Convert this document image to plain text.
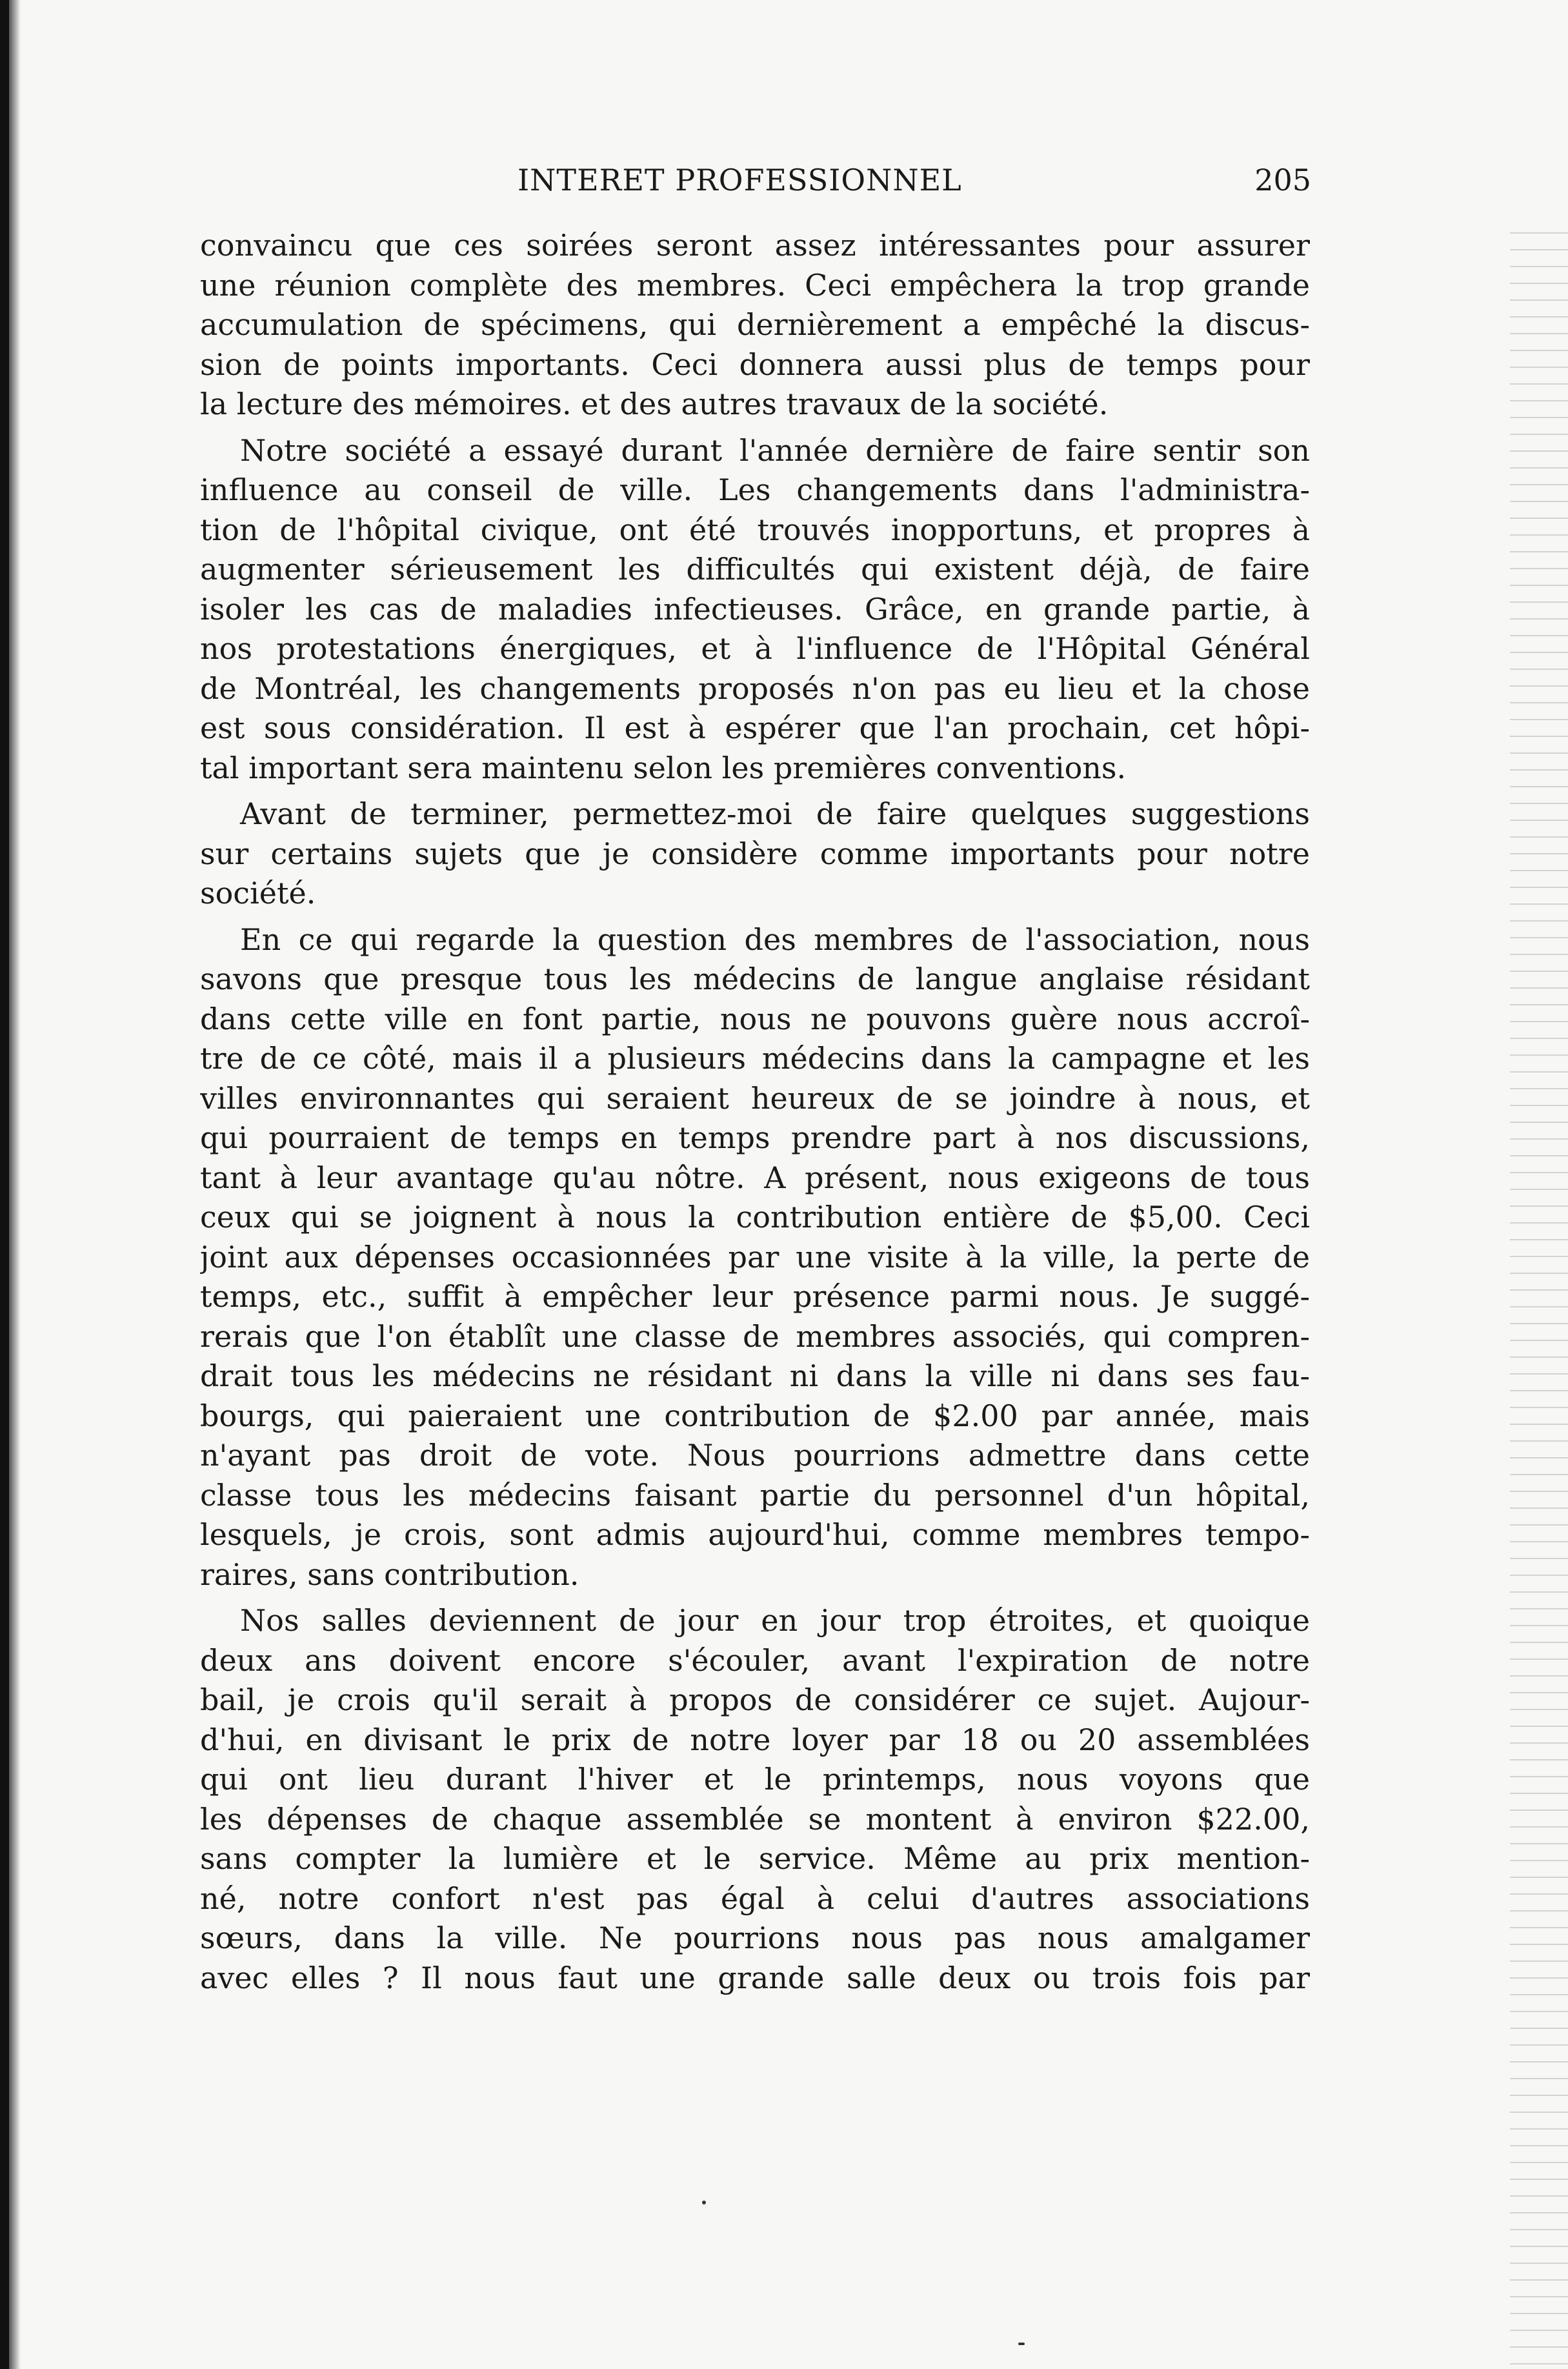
INTERET PROFESSIONNEL	205
convaincu que ces soirées seront assez intéressantes pour assurer
une réunion complète des membres. Ceci empêchera la trop grande
accumulation de spécimens, qui dernièrement a empêché la discus-
sion de points importants. Ceci donnera aussi plus de temps pour
la lecture des mémoires. et des autres travaux de la société.
Notre société a essayé durant l'année dernière de faire sentir son
influence au conseil de ville. Les changements dans l'administra-
tion de l'hôpital civique, ont été trouvés inopportuns, et propres à
augmenter sérieusement les difficultés qui existent déjà, de faire
isoler les cas de maladies infectieuses. Grâce, en grande partie, à
nos protestations énergiques, et à l'influence de l'Hôpital Général
de Montréal, les changements proposés n'on pas eu lieu et la chose
est sous considération. Il est à espérer que l'an prochain, cet hôpi-
tal important sera maintenu selon les premières conventions.
Avant de terminer, permettez-moi de faire quelques suggestions
sur certains sujets que je considère comme importants pour notre
société.
En ce qui regarde la question des membres de l'association, nous
savons que presque tous les médecins de langue anglaise résidant
dans cette ville en font partie, nous ne pouvons guère nous accroî-
tre de ce côté, mais il a plusieurs médecins dans la campagne et les
villes environnantes qui seraient heureux de se joindre à nous, et
qui pourraient de temps en temps prendre part à nos discussions,
tant à leur avantage qu'au nôtre. A présent, nous exigeons de tous
ceux qui se joignent à nous la contribution entière de $5,00. Ceci
joint aux dépenses occasionnées par une visite à la ville, la perte de
temps, etc., suffit à empêcher leur présence parmi nous. Je suggé-
rerais que l'on établît une classe de membres associés, qui compren-
drait tous les médecins ne résidant ni dans la ville ni dans ses fau-
bourgs, qui paieraient une contribution de $2.00 par année, mais
n'ayant pas droit de vote. Nous pourrions admettre dans cette
classe tous les médecins faisant partie du personnel d'un hôpital,
lesquels, je crois, sont admis aujourd'hui, comme membres tempo-
raires, sans contribution.
Nos salles deviennent de jour en jour trop étroites, et quoique
deux ans doivent encore s'écouler, avant l'expiration de notre
bail, je crois qu'il serait à propos de considérer ce sujet. Aujour-
d'hui, en divisant le prix de notre loyer par 18 ou 20 assemblées
qui ont lieu durant l'hiver et le printemps, nous voyons que
les dépenses de chaque assemblée se montent à environ $22.00,
sans compter la lumière et le service. Même au prix mention-
né, notre confort n'est pas égal à celui d'autres associations
sœurs, dans la ville. Ne pourrions nous pas nous amalgamer
avec elles ? Il nous faut une grande salle deux ou trois fois par
